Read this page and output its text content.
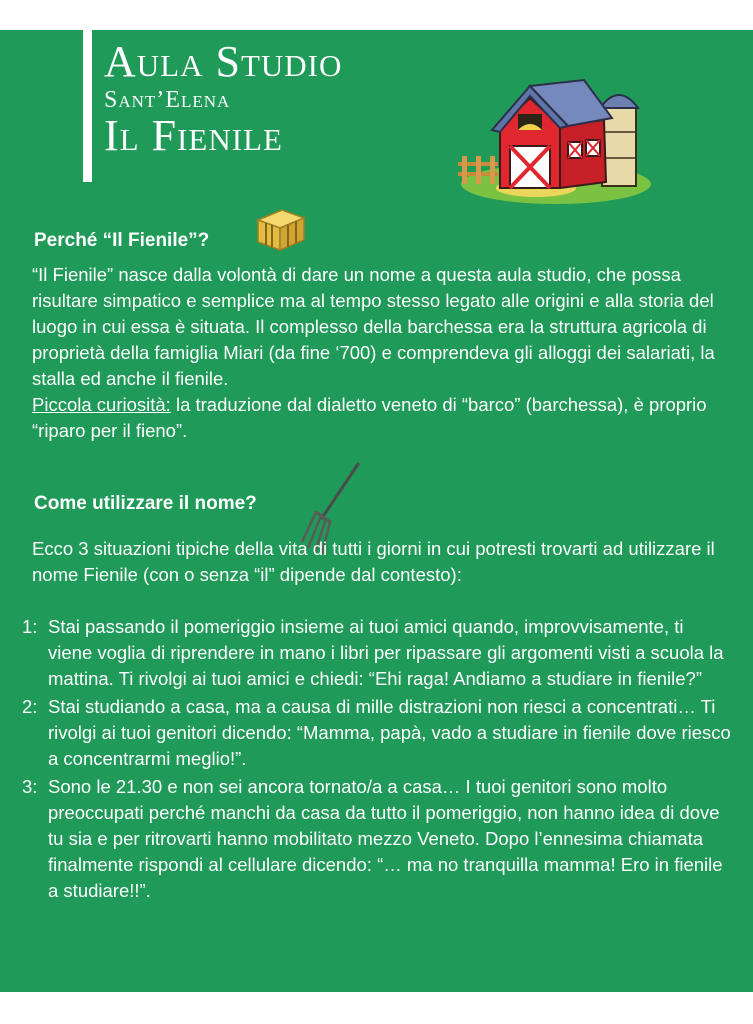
Aula Studio
Sant’Elena
Il Fienile
Perché “Il Fienile”?

“Il Fienile” nasce dalla volontà di dare un nome a questa aula studio, che possa risultare simpatico e semplice ma al tempo stesso legato alle origini e alla storia del luogo in cui essa è situata. Il complesso della barchessa era la struttura agricola di proprietà della famiglia Miari (da fine ‘700) e comprendeva gli alloggi dei salariati, la stalla ed anche il fienile.

Piccola curiosità: la traduzione dal dialetto veneto di “barco” (barchessa), è proprio “riparo per il fieno”.

Come utilizzare il nome?
Ecco 3 situazioni tipiche della vita di tutti i giorni in cui potresti trovarti ad utilizzare il nome Fienile (con o senza “il” dipende dal contesto):
1: Stai passando il pomeriggio insieme ai tuoi amici quando, improvvisamente, ti viene voglia di riprendere in mano i libri per ripassare gli argomenti visti a scuola la mattina. Ti rivolgi ai tuoi amici e chiedi: “Ehi raga! Andiamo a studiare in fienile?”
2: Stai studiando a casa, ma a causa di mille distrazioni non riesci a concentrati… Ti rivolgi ai tuoi genitori dicendo: “Mamma, papà, vado a studiare in fienile dove riesco a concentrarmi meglio!”.
3: Sono le 21.30 e non sei ancora tornato/a a casa… I tuoi genitori sono molto preoccupati perché manchi da casa da tutto il pomeriggio, non hanno idea di dove tu sia e per ritrovarti hanno mobilitato mezzo Veneto. Dopo l’ennesima chiamata finalmente rispondi al cellulare dicendo: “… ma no tranquilla mamma! Ero in fienile a studiare!!”.
